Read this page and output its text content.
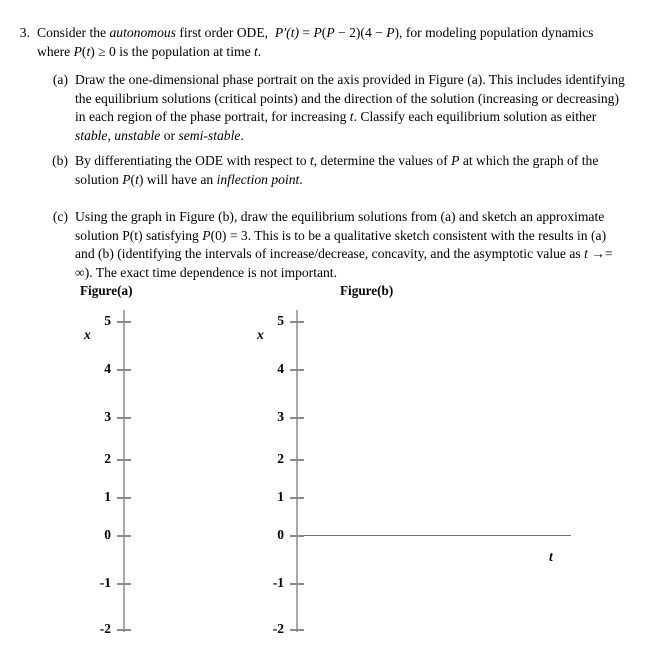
3. Consider the autonomous first order ODE,  P′(t) = P(P − 2)(4 − P), for modeling population dynamics where P(t) ≥ 0 is the population at time t.
(a) Draw the one-dimensional phase portrait on the axis provided in Figure (a). This includes identifying the equilibrium solutions (critical points) and the direction of the solution (increasing or decreasing) in each region of the phase portrait, for increasing t. Classify each equilibrium solution as either stable, unstable or semi-stable.
(b) By differentiating the ODE with respect to t, determine the values of P at which the graph of the solution P(t) will have an inflection point.
(c) Using the graph in Figure (b), draw the equilibrium solutions from (a) and sketch an approximate solution P(t) satisfying P(0) = 3. This is to be a qualitative sketch consistent with the results in (a) and (b) (identifying the intervals of increase/decrease, concavity, and the asymptotic value as t →= ∞). The exact time dependence is not important.
Figure(a)	Figure(b)
x
5
4
3
2
1
0
-1
-2
x
t
5
4
3
2
1
0
-1
-2
